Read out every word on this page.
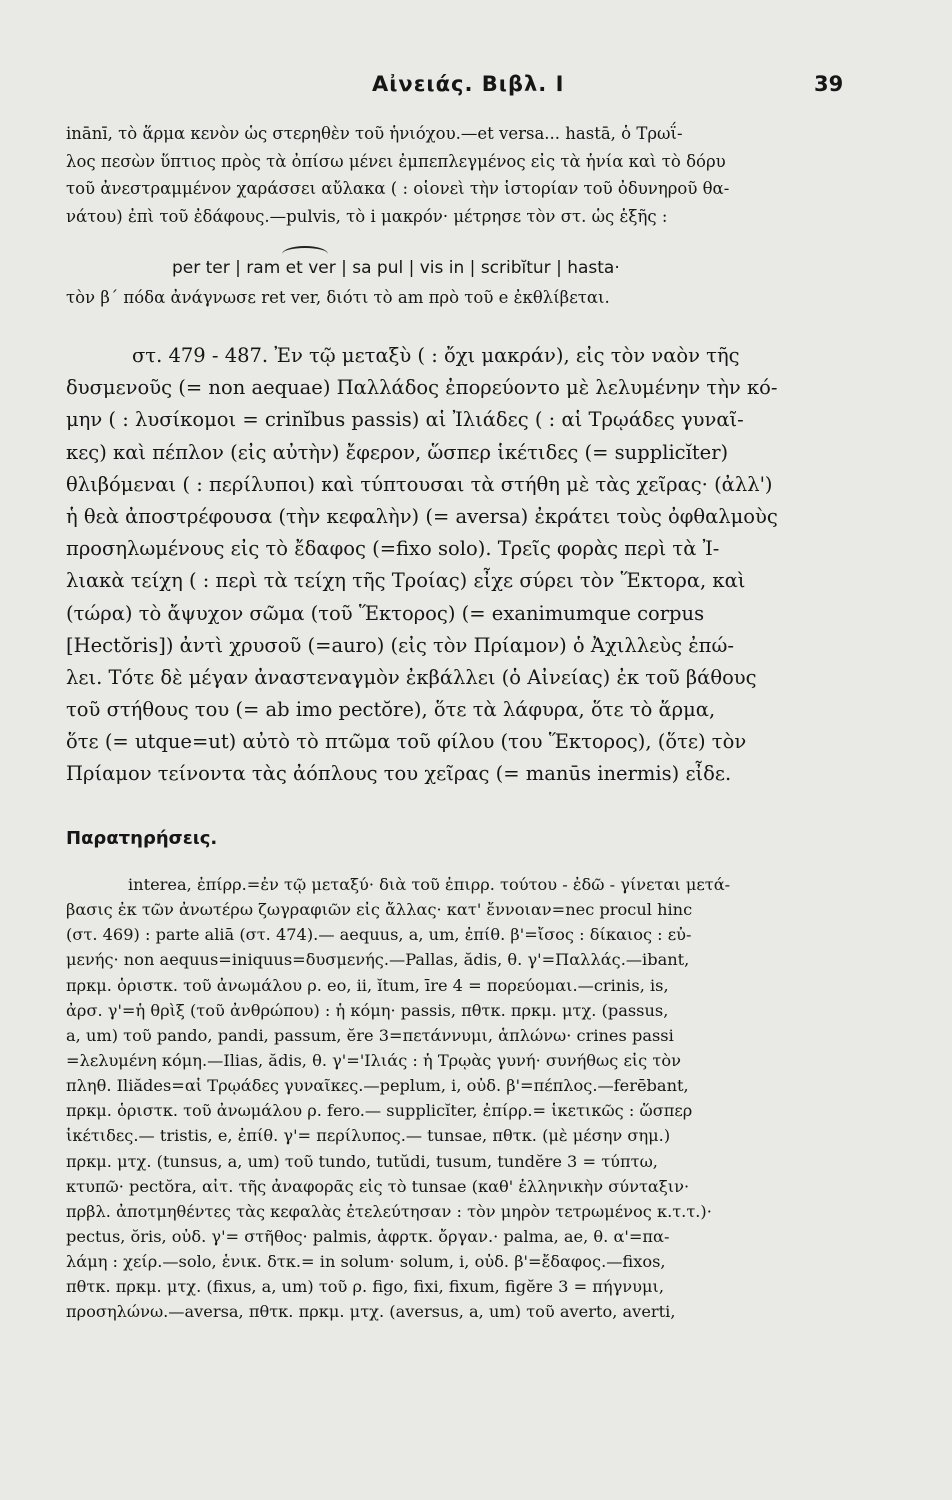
Αἰνειάς. Βιβλ. Ι	39
inānī, τὸ ἅρμα κενὸν ὡς στερηθὲν τοῦ ἡνιόχου.—et versa... hastā, ὁ Τρωΐ-
λος πεσὼν ὕπτιος πρὸς τὰ ὀπίσω μένει ἐμπεπλεγμένος εἰς τὰ ἡνία καὶ τὸ δόρυ
τοῦ ἀνεστραμμένον χαράσσει αὔλακα ( : οἱονεὶ τὴν ἱστορίαν τοῦ ὀδυνηροῦ θα-
νάτου) ἐπὶ τοῦ ἐδάφους.—pulvis, τὸ i μακρόν· μέτρησε τὸν στ. ὡς ἑξῆς :
per ter | ram et ver | sa pul | vis in | scribĭtur | hasta·
τὸν β΄ πόδα ἀνάγνωσε ret ver, διότι τὸ am πρὸ τοῦ e ἐκθλίβεται.
στ. 479 - 487. Ἐν τῷ μεταξὺ ( : ὄχι μακράν), εἰς τὸν ναὸν τῆς
δυσμενοῦς (= non aequae) Παλλάδος ἐπορεύοντο μὲ λελυμένην τὴν κό-
μην ( : λυσίκομοι = crinĭbus passis) αἱ Ἰλιάδες ( : αἱ Τρῳάδες γυναῖ-
κες) καὶ πέπλον (εἰς αὐτὴν) ἔφερον, ὥσπερ ἱκέτιδες (= supplicĭter)
θλιβόμεναι ( : περίλυποι) καὶ τύπτουσαι τὰ στήθη μὲ τὰς χεῖρας· (ἀλλ')
ἡ θεὰ ἀποστρέφουσα (τὴν κεφαλὴν) (= aversa) ἐκράτει τοὺς ὀφθαλμοὺς
προσηλωμένους εἰς τὸ ἔδαφος (=fixo solo). Τρεῖς φορὰς περὶ τὰ Ἰ-
λιακὰ τείχη ( : περὶ τὰ τείχη τῆς Τροίας) εἶχε σύρει τὸν Ἕκτορα, καὶ
(τώρα) τὸ ἄψυχον σῶμα (τοῦ Ἕκτορος) (= exanimumque corpus
[Hectŏris]) ἀντὶ χρυσοῦ (=auro) (εἰς τὸν Πρίαμον) ὁ Ἀχιλλεὺς ἐπώ-
λει. Τότε δὲ μέγαν ἀναστεναγμὸν ἐκβάλλει (ὁ Αἰνείας) ἐκ τοῦ βάθους
τοῦ στήθους του (= ab imo pectŏre), ὅτε τὰ λάφυρα, ὅτε τὸ ἅρμα,
ὅτε (= utque=ut) αὐτὸ τὸ πτῶμα τοῦ φίλου (του Ἕκτορος), (ὅτε) τὸν
Πρίαμον τείνοντα τὰς ἀόπλους του χεῖρας (= manūs inermis) εἶδε.
Παρατηρήσεις.
interea, ἐπίρρ.=ἐν τῷ μεταξύ· διὰ τοῦ ἐπιρρ. τούτου - ἐδῶ - γίνεται μετά-
βασις ἐκ τῶν ἀνωτέρω ζωγραφιῶν εἰς ἄλλας· κατ' ἔννοιαν=nec procul hinc
(στ. 469) : parte aliā (στ. 474).— aequus, a, um, ἐπίθ. β'=ἴσος : δίκαιος : εὐ-
μενής· non aequus=iniquus=δυσμενής.—Pallas, ădis, θ. γ'=Παλλάς.—ibant,
πρκμ. ὁριστκ. τοῦ ἀνωμάλου ρ. eo, ii, ĭtum, īre 4 = πορεύομαι.—crinis, is,
ἀρσ. γ'=ἡ θρὶξ (τοῦ ἀνθρώπου) : ἡ κόμη· passis, πθτκ. πρκμ. μτχ. (passus,
a, um) τοῦ pando, pandi, passum, ĕre 3=πετάννυμι, ἁπλώνω· crines passi
=λελυμένη κόμη.—Ilias, ădis, θ. γ'='Ιλιάς : ἡ Τρῳὰς γυνή· συνήθως εἰς τὸν
πληθ. Iliădes=αἱ Τρῳάδες γυναῖκες.—peplum, i, οὐδ. β'=πέπλος.—ferēbant,
πρκμ. ὁριστκ. τοῦ ἀνωμάλου ρ. fero.— supplicĭter, ἐπίρρ.= ἱκετικῶς : ὥσπερ
ἱκέτιδες.— tristis, e, ἐπίθ. γ'= περίλυπος.— tunsae, πθτκ. (μὲ μέσην σημ.)
πρκμ. μτχ. (tunsus, a, um) τοῦ tundo, tutŭdi, tusum, tundĕre 3 = τύπτω,
κτυπῶ· pectŏra, αἰτ. τῆς ἀναφορᾶς εἰς τὸ tunsae (καθ' ἑλληνικὴν σύνταξιν·
πρβλ. ἀποτμηθέντες τὰς κεφαλὰς ἐτελεύτησαν : τὸν μηρὸν τετρωμένος κ.τ.τ.)·
pectus, ŏris, οὐδ. γ'= στῆθος· palmis, ἀφρτκ. ὄργαν.· palma, ae, θ. α'=πα-
λάμη : χείρ.—solo, ἑνικ. δτκ.= in solum· solum, i, οὐδ. β'=ἔδαφος.—fixos,
πθτκ. πρκμ. μτχ. (fixus, a, um) τοῦ ρ. figo, fixi, fixum, figĕre 3 = πήγνυμι,
προσηλώνω.—aversa, πθτκ. πρκμ. μτχ. (aversus, a, um) τοῦ averto, averti,
